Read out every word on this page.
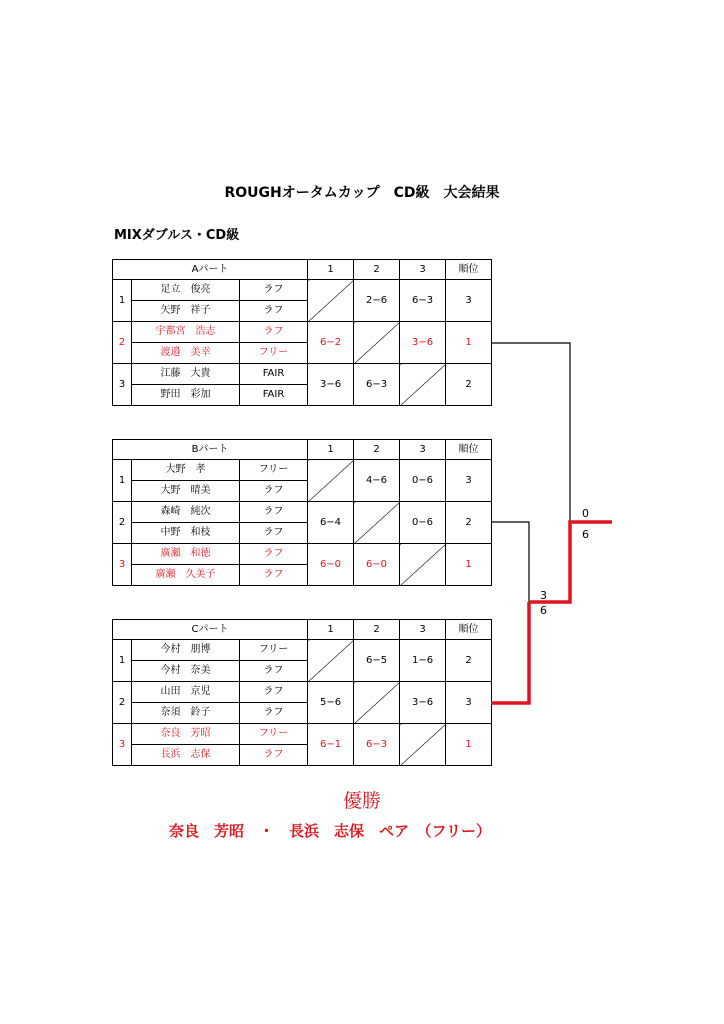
ROUGHオータムカップ　CD級　大会結果
MIXダブルス・CD級
Aパート			1	2	3	順位
1	足立　俊亮	ラフ		2−6	6−3	3
	矢野　祥子	ラフ				
2	宇都宮　浩志	ラフ	6−2		3−6	1
	渡邉　美幸	フリー				
3	江藤　大貴	FAIR	3−6	6−3		2
	野田　彩加	FAIR				
Bパート			1	2	3	順位
1	大野　孝	フリー		4−6	0−6	3
	大野　晴美	ラフ				
2	森崎　純次	ラフ	6−4		0−6	2
	中野　和枝	ラフ				
3	廣瀬　和徳	ラフ	6−0	6−0		1
	廣瀬　久美子	ラフ				
Cパート			1	2	3	順位
1	今村　朋博	フリー		6−5	1−6	2
	今村　奈美	ラフ				
2	山田　京児	ラフ	5−6		3−6	3
	奈須　鈴子	ラフ				
3	奈良　芳昭	フリー	6−1	6−3		1
	長浜　志保	ラフ				
3
6
0
6
優勝
奈良　芳昭　・　長浜　志保　ペア　（フリー）
